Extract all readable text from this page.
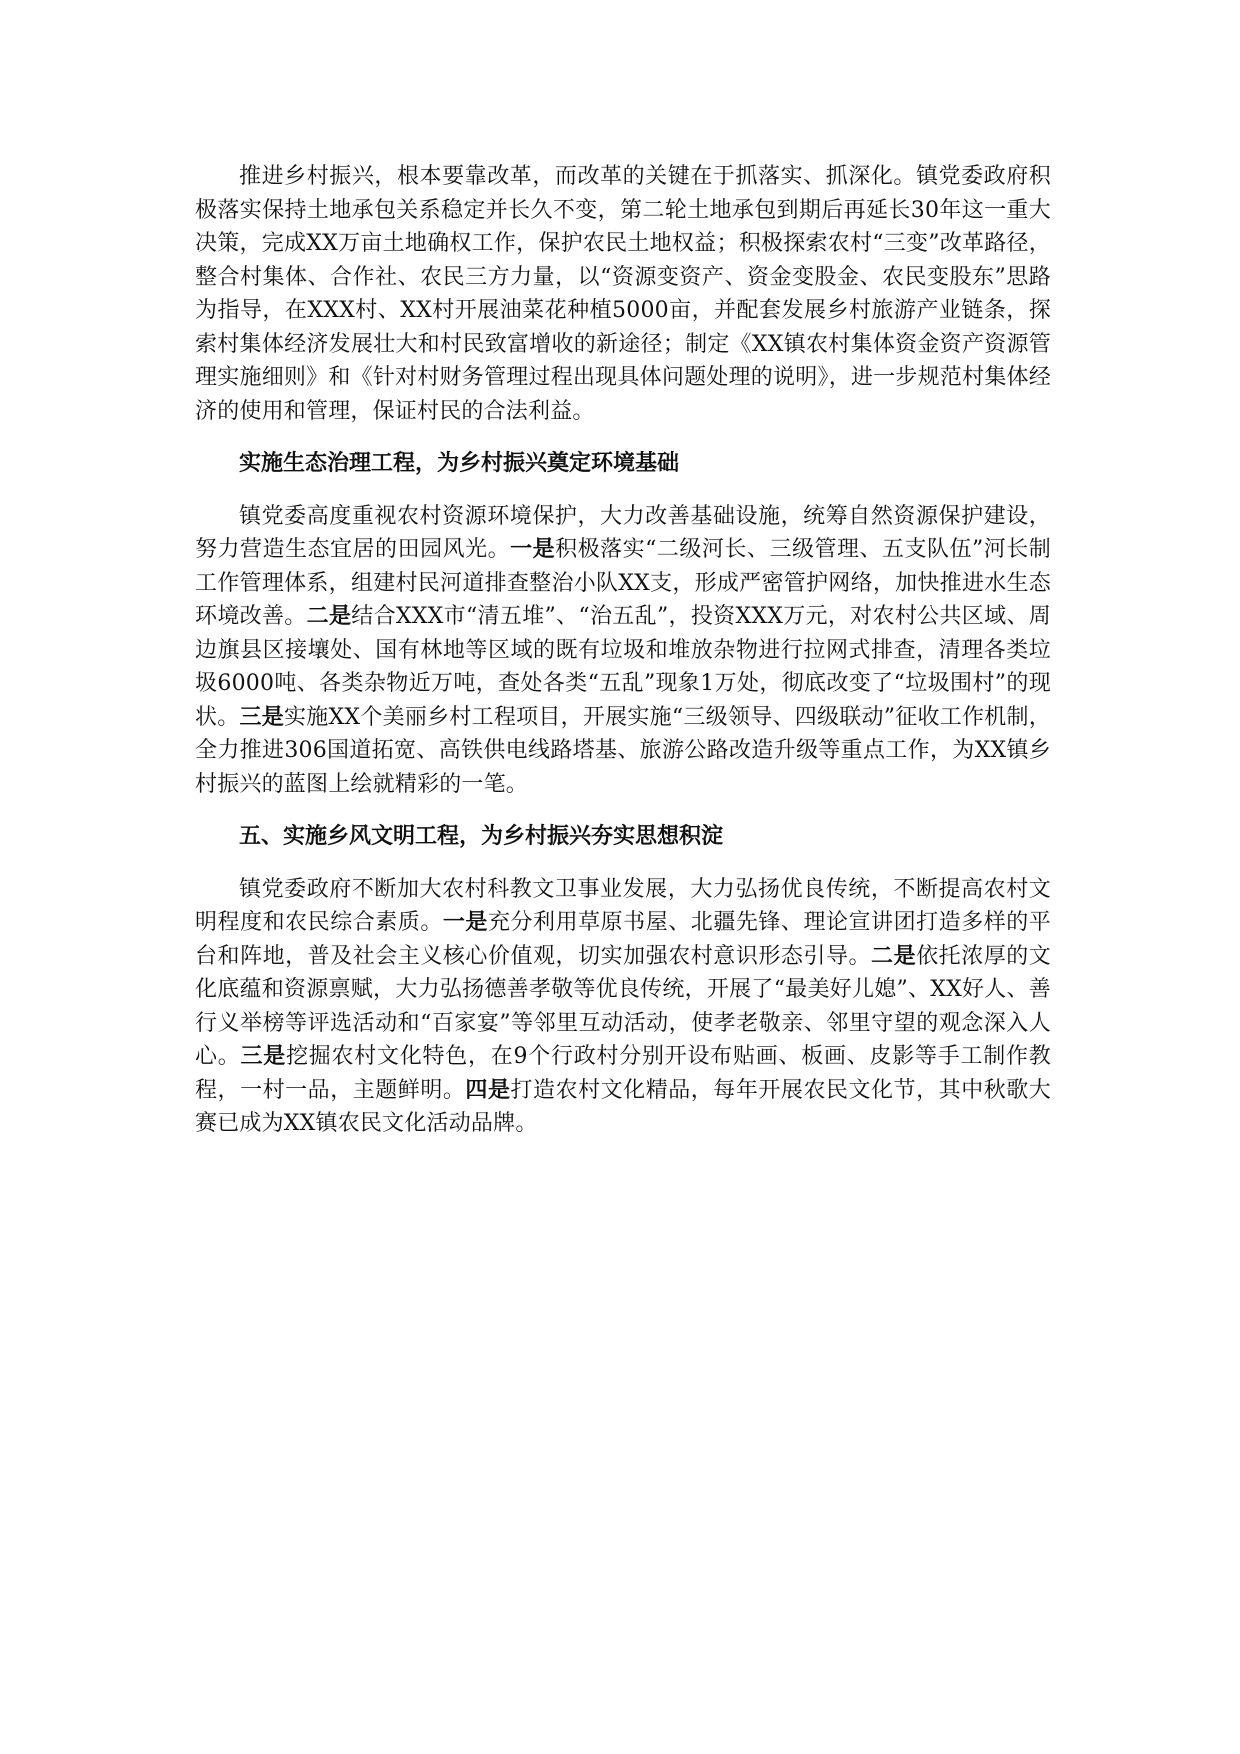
推进乡村振兴，根本要靠改革，而改革的关键在于抓落实、抓深化。镇党委政府积极落实保持土地承包关系稳定并长久不变，第二轮土地承包到期后再延长30年这一重大决策，完成XX万亩土地确权工作，保护农民土地权益；积极探索农村“三变”改革路径，整合村集体、合作社、农民三方力量，以“资源变资产、资金变股金、农民变股东”思路为指导，在XXX村、XX村开展油菜花种植5000亩，并配套发展乡村旅游产业链条，探索村集体经济发展壮大和村民致富增收的新途径；制定《XX镇农村集体资金资产资源管理实施细则》和《针对村财务管理过程出现具体问题处理的说明》，进一步规范村集体经济的使用和管理，保证村民的合法利益。

实施生态治理工程，为乡村振兴奠定环境基础

镇党委高度重视农村资源环境保护，大力改善基础设施，统筹自然资源保护建设，努力营造生态宜居的田园风光。一是积极落实“二级河长、三级管理、五支队伍”河长制工作管理体系，组建村民河道排查整治小队XX支，形成严密管护网络，加快推进水生态环境改善。二是结合XXX市“清五堆”、“治五乱”，投资XXX万元，对农村公共区域、周边旗县区接壤处、国有林地等区域的既有垃圾和堆放杂物进行拉网式排查，清理各类垃圾6000吨、各类杂物近万吨，查处各类“五乱”现象1万处，彻底改变了“垃圾围村”的现状。三是实施XX个美丽乡村工程项目，开展实施“三级领导、四级联动”征收工作机制，全力推进306国道拓宽、高铁供电线路塔基、旅游公路改造升级等重点工作，为XX镇乡村振兴的蓝图上绘就精彩的一笔。

五、实施乡风文明工程，为乡村振兴夯实思想积淀

镇党委政府不断加大农村科教文卫事业发展，大力弘扬优良传统，不断提高农村文明程度和农民综合素质。一是充分利用草原书屋、北疆先锋、理论宣讲团打造多样的平台和阵地，普及社会主义核心价值观，切实加强农村意识形态引导。二是依托浓厚的文化底蕴和资源禀赋，大力弘扬德善孝敬等优良传统，开展了“最美好儿媳”、XX好人、善行义举榜等评选活动和“百家宴”等邻里互动活动，使孝老敬亲、邻里守望的观念深入人心。三是挖掘农村文化特色，在9个行政村分别开设布贴画、板画、皮影等手工制作教程，一村一品，主题鲜明。四是打造农村文化精品，每年开展农民文化节，其中秋歌大赛已成为XX镇农民文化活动品牌。
